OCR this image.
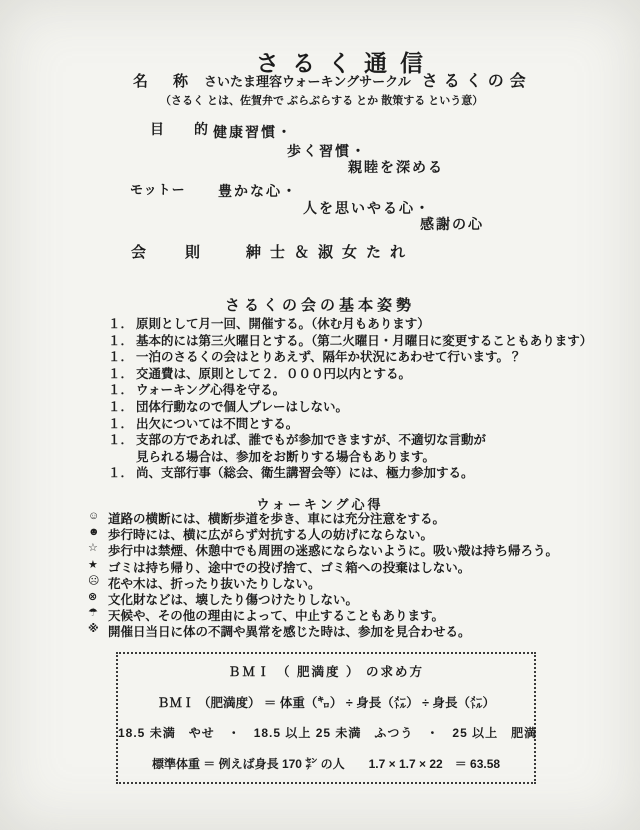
さるく通信
名　称 さいたま理容ウォーキングサークル さるくの会
（さるく とは、佐賀弁で ぶらぶらする とか 散策する という意）
目　的
健康習慣・
歩く習慣・
親睦を深める
モットー 豊かな心・
人を思いやる心・
感謝の心
会　則 紳士＆淑女たれ
さるくの会の基本姿勢
１． 原則として月一回、開催する。（休む月もあります）
１． 基本的には第三火曜日とする。（第二火曜日・月曜日に変更することもあります）
１． 一泊のさるくの会はとりあえず、隔年か状況にあわせて行います。？
１． 交通費は、原則として２．０００円以内とする。
１． ウォーキング心得を守る。
１． 団体行動なので個人プレーはしない。
１． 出欠については不問とする。
１． 支部の方であれば、誰でもが参加できますが、不適切な言動が
見られる場合は、参加をお断りする場合もあります。
１． 尚、支部行事（総会、衛生講習会等）には、極力参加する。
ウォーキング心得
☺ 道路の横断には、横断歩道を歩き、車には充分注意をする。
☻ 歩行時には、横に広がらず対抗する人の妨げにならない。
☆ 歩行中は禁煙、休憩中でも周囲の迷惑にならないように。吸い殻は持ち帰ろう。
★ ゴミは持ち帰り、途中での投げ捨て、ゴミ箱への投棄はしない。
☹ 花や木は、折ったり抜いたりしない。
⊗ 文化財などは、壊したり傷つけたりしない。
☂ 天候や、その他の理由によって、中止することもあります。
※ 開催日当日に体の不調や異常を感じた時は、参加を見合わせる。
ＢＭＩ （ 肥満度 ） の求め方
ＢＭＩ （肥満度） ＝ 体重（㌔） ÷ 身長（㍍） ÷ 身長（㍍）
18.5 未満　やせ　・　18.5 以上 25 未満　ふつう　・　25 以上　肥満
標準体重 ＝ 例えば身長 170 ㌢ の人　　1.7 × 1.7 × 22　＝ 63.58
